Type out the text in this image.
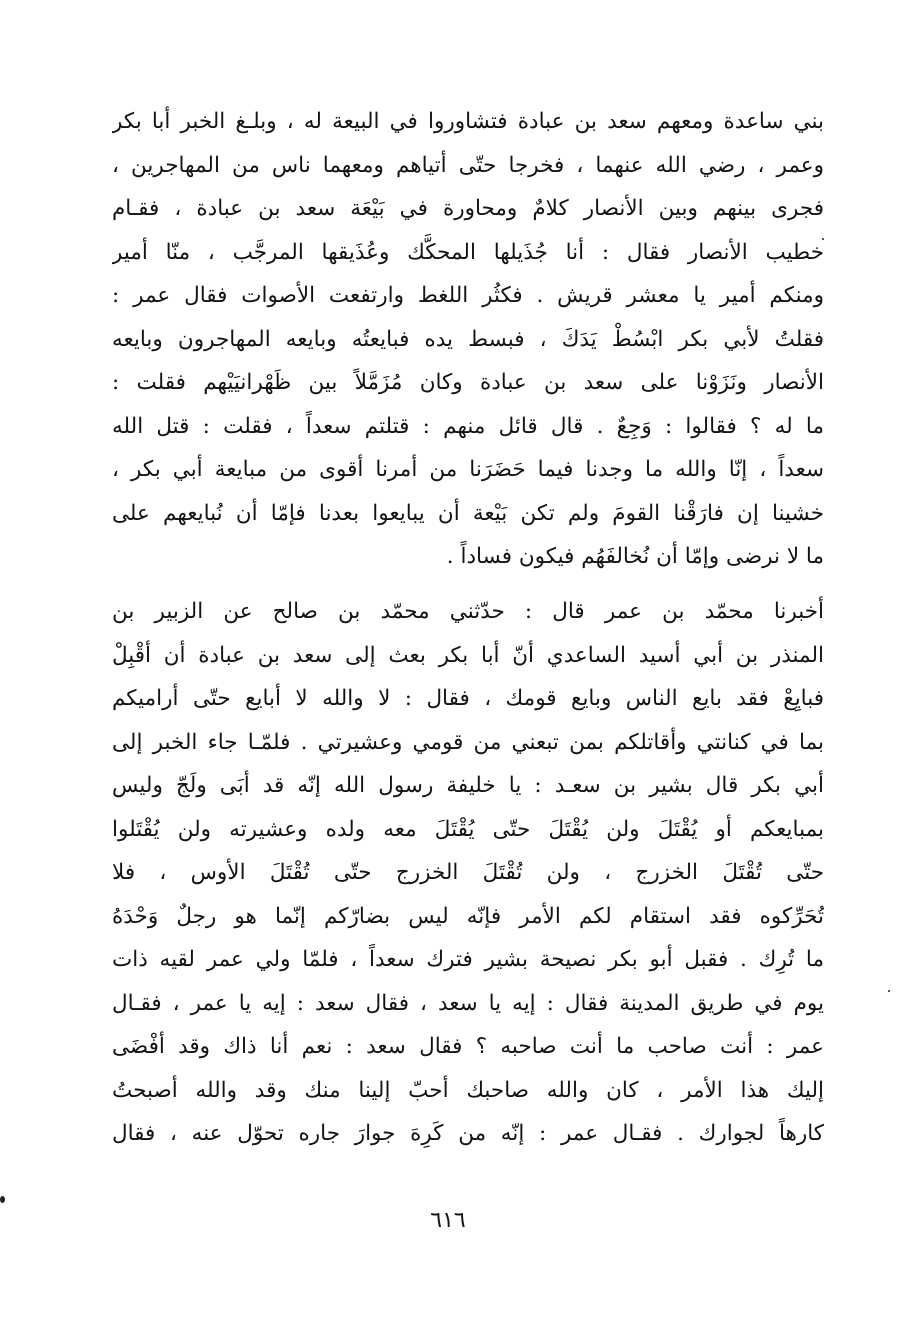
بني ساعدة ومعهم سعد بن عبادة فتشاوروا في البيعة له ، وبلـغ الخبر أبا بكر
وعمر ، رضي الله عنهما ، فخرجا حتّى أتياهم ومعهما ناس من المهاجرين ،
فجرى بينهم وبين الأنصار كلامٌ ومحاورة في بَيْعَة سعد بن عبادة ، فقـام
خطيب الأنصار فقال : أنا جُذَيلها المحكَّك وعُذَيقها المرجَّب ، منّا أمير
ومنكم أمير يا معشر قريش . فكثُر اللغط وارتفعت الأصوات فقال عمر :
فقلتُ لأبي بكر ابْسُطْ يَدَكَ ، فبسط يده فبايعتُه وبايعه المهاجرون وبايعه
الأنصار ونَزَوْنا على سعد بن عبادة وكان مُزَمَّلاً بين ظَهْرانيَيْهم فقلت :
ما له ؟ فقالوا : وَجِعٌ . قال قائل منهم : قتلتم سعداً ، فقلت : قتل الله
سعداً ، إنّا والله ما وجدنا فيما حَضَرَنا من أمرنا أقوى من مبايعة أبي بكر ،
خشينا إن فارَقْنا القومَ ولم تكن بَيْعة أن يبايعوا بعدنا فإمّا أن نُبايعهم على
ما لا نرضى وإمّا أن نُخالفَهُم فيكون فساداً .
أخبرنا محمّد بن عمر قال : حدّثني محمّد بن صالح عن الزبير بن
المنذر بن أبي أسيد الساعدي أنّ أبا بكر بعث إلى سعد بن عبادة أن أقْبِلْ
فبايِعْ فقد بايع الناس وبايع قومك ، فقال : لا والله لا أبايع حتّى أراميكم
بما في كنانتي وأقاتلكم بمن تبعني من قومي وعشيرتي . فلمّـا جاء الخبر إلى
أبي بكر قال بشير بن سعـد : يا خليفة رسول الله إنّه قد أبَى ولَجّ وليس
بمبايعكم أو يُقْتَلَ ولن يُقْتَلَ حتّى يُقْتَلَ معه ولده وعشيرته ولن يُقْتَلوا
حتّى تُقْتَلَ الخزرج ، ولن تُقْتَلَ الخزرج حتّى تُقْتَلَ الأوس ، فلا
تُحَرِّكوه فقد استقام لكم الأمر فإنّه ليس بضارّكم إنّما هو رجلٌ وَحْدَهُ
ما تُرِك . فقبل أبو بكر نصيحة بشير فترك سعداً ، فلمّا ولي عمر لقيه ذات
يوم في طريق المدينة فقال : إيه يا سعد ، فقال سعد : إيه يا عمر ، فقـال
عمر : أنت صاحب ما أنت صاحبه ؟ فقال سعد : نعم أنا ذاك وقد أفْضَى
إليك هذا الأمر ، كان والله صاحبك أحبّ إلينا منك وقد والله أصبحتُ
كارهاً لجوارك . فقـال عمر : إنّه من كَرِهَ جوارَ جاره تحوّل عنه ، فقال
٦١٦
